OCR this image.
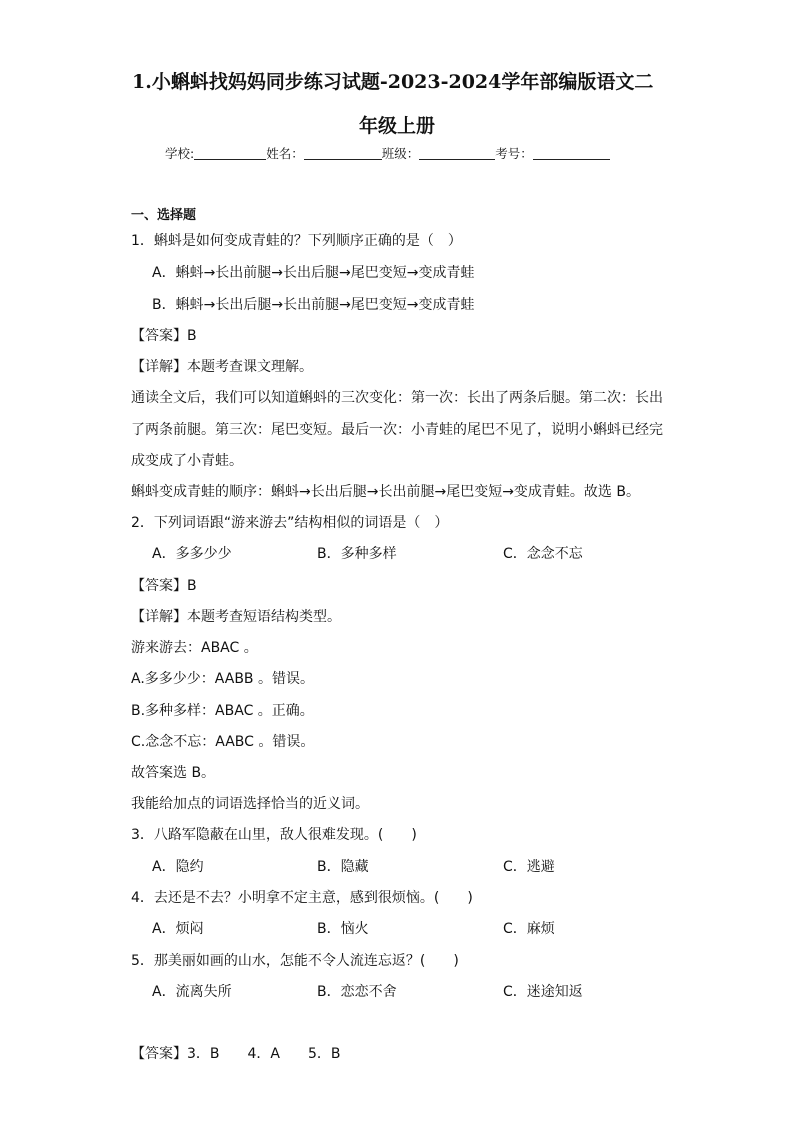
1.小蝌蚪找妈妈同步练习试题-2023-2024学年部编版语文二
年级上册
学校:	姓名：	班级：	考号：
一、选择题
1．蝌蚪是如何变成青蛙的？下列顺序正确的是（　）
A．蝌蚪→长出前腿→长出后腿→尾巴变短→变成青蛙
B．蝌蚪→长出后腿→长出前腿→尾巴变短→变成青蛙
【答案】B
【详解】本题考查课文理解。
通读全文后，我们可以知道蝌蚪的三次变化：第一次：长出了两条后腿。第二次：长出
了两条前腿。第三次：尾巴变短。最后一次：小青蛙的尾巴不见了，说明小蝌蚪已经完
成变成了小青蛙。
蝌蚪变成青蛙的顺序：蝌蚪→长出后腿→长出前腿→尾巴变短→变成青蛙。故选 B。
2．下列词语跟“游来游去”结构相似的词语是（　）
A．多多少少	B．多种多样	C．念念不忘
【答案】B
【详解】本题考查短语结构类型。
游来游去：ABAC 。
A.多多少少：AABB 。错误。
B.多种多样：ABAC 。正确。
C.念念不忘：AABC 。错误。
故答案选 B。
我能给加点的词语选择恰当的近义词。
3．八路军隐蔽在山里，敌人很难发现。(　　)
A．隐约	B．隐藏	C．逃避
4．去还是不去？小明拿不定主意，感到很烦恼。(　　)
A．烦闷	B．恼火	C．麻烦
5．那美丽如画的山水，怎能不令人流连忘返？(　　)
A．流离失所	B．恋恋不舍	C．迷途知返
【答案】3．B　　4．A　　5．B
